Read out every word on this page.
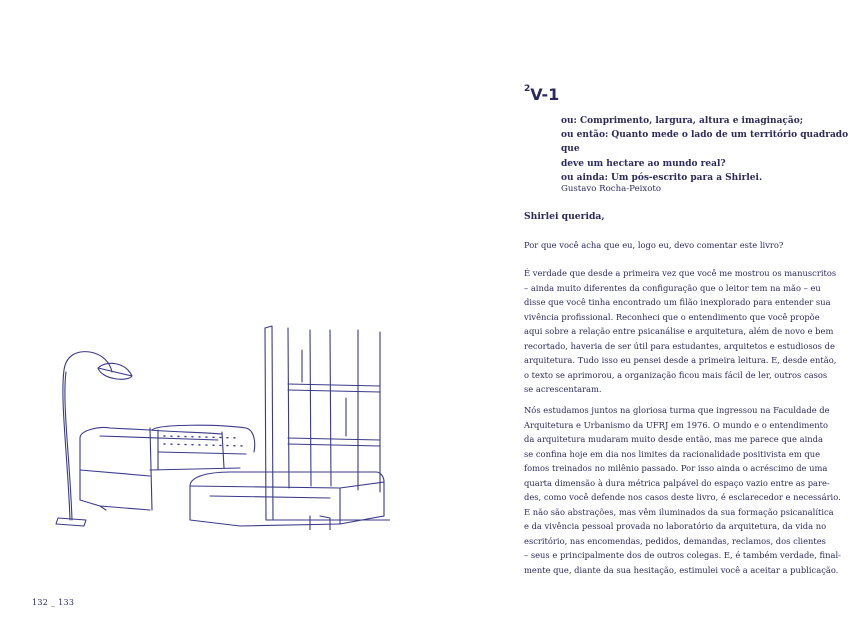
132 _ 133
$^2$V-1
ou: Comprimento, largura, altura e imaginação;
ou então: Quanto mede o lado de um território quadrado que
deve um hectare ao mundo real?
ou ainda: Um pós-escrito para a Shirlei.
Gustavo Rocha-Peixoto
Shirlei querida,
Por que você acha que eu, logo eu, devo comentar este livro?
É verdade que desde a primeira vez que você me mostrou os manuscritos
– ainda muito diferentes da configuração que o leitor tem na mão – eu
disse que você tinha encontrado um filão inexplorado para entender sua
vivência profissional. Reconheci que o entendimento que você propõe
aqui sobre a relação entre psicanálise e arquitetura, além de novo e bem
recortado, haveria de ser útil para estudantes, arquitetos e estudiosos de
arquitetura. Tudo isso eu pensei desde a primeira leitura. E, desde então,
o texto se aprimorou, a organização ficou mais fácil de ler, outros casos
se acrescentaram.
Nós estudamos juntos na gloriosa turma que ingressou na Faculdade de
Arquitetura e Urbanismo da UFRJ em 1976. O mundo e o entendimento
da arquitetura mudaram muito desde então, mas me parece que ainda
se confina hoje em dia nos limites da racionalidade positivista em que
fomos treinados no milênio passado. Por isso ainda o acréscimo de uma
quarta dimensão à dura métrica palpável do espaço vazio entre as pare-
des, como você defende nos casos deste livro, é esclarecedor e necessário.
E não são abstrações, mas vêm iluminados da sua formação psicanalítica
e da vivência pessoal provada no laboratório da arquitetura, da vida no
escritório, nas encomendas, pedidos, demandas, reclamos, dos clientes
– seus e principalmente dos de outros colegas. E, é também verdade, final-
mente que, diante da sua hesitação, estimulei você a aceitar a publicação.
